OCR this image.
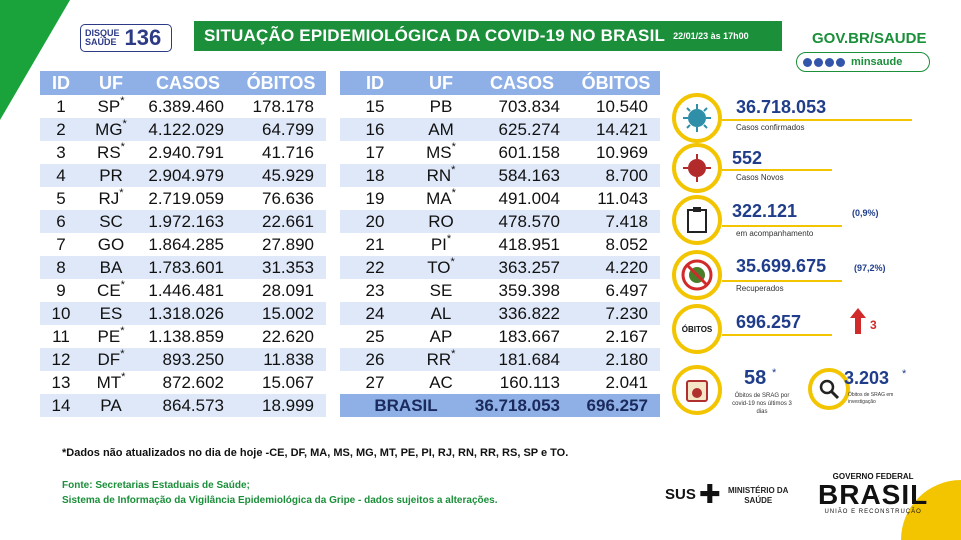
DISQUE
SAÚDE 136	SITUAÇÃO EPIDEMIOLÓGICA DA COVID-19 NO BRASIL 22/01/23 às 17h00	GOV.BR/SAUDE
minsaude
ID	UF	CASOS	ÓBITOS
1	SP*	6.389.460	178.178
2	MG*	4.122.029	64.799
3	RS*	2.940.791	41.716
4	PR	2.904.979	45.929
5	RJ*	2.719.059	76.636
6	SC	1.972.163	22.661
7	GO	1.864.285	27.890
8	BA	1.783.601	31.353
9	CE*	1.446.481	28.091
10	ES	1.318.026	15.002
11	PE*	1.138.859	22.620
12	DF*	893.250	11.838
13	MT*	872.602	15.067
14	PA	864.573	18.999
ID	UF	CASOS	ÓBITOS
15	PB	703.834	10.540
16	AM	625.274	14.421
17	MS*	601.158	10.969
18	RN*	584.163	8.700
19	MA*	491.004	11.043
20	RO	478.570	7.418
21	PI*	418.951	8.052
22	TO*	363.257	4.220
23	SE	359.398	6.497
24	AL	336.822	7.230
25	AP	183.667	2.167
26	RR*	181.684	2.180
27	AC	160.113	2.041
BRASIL		36.718.053	696.257
36.718.053
Casos confirmados
552
Casos Novos
322.121	(0,9%)
em acompanhamento
35.699.675	(97,2%)
Recuperados
ÓBITOS 696.257	3
58 *
Óbitos de SRAG por covid-19 nos últimos 3 dias
3.203 *
Óbitos de SRAG em investigação
*Dados não atualizados no dia de hoje -CE, DF, MA, MS, MG, MT, PE, PI, RJ, RN, RR, RS, SP e TO.
Fonte: Secretarias Estaduais de Saúde;
Sistema de Informação da Vigilância Epidemiológica da Gripe - dados sujeitos a alterações.	SUS ✚ MINISTÉRIO DA
SAÚDE
GOVERNO FEDERAL
BRASIL
UNIÃO E RECONSTRUÇÃO
